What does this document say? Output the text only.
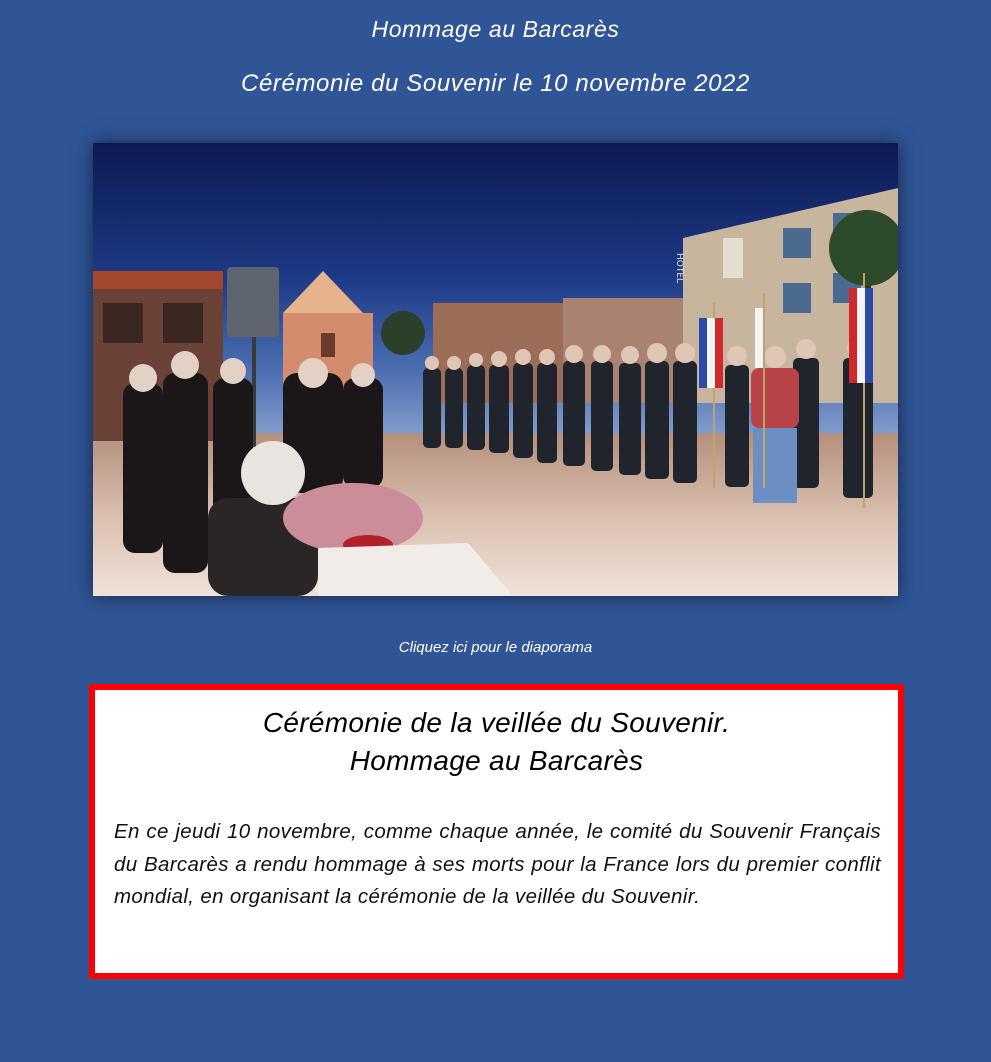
Hommage au Barcarès
Cérémonie du Souvenir le 10 novembre 2022
HOTEL
Cliquez ici pour le diaporama
Cérémonie de la veillée du Souvenir.
Hommage au Barcarès
En ce jeudi 10 novembre, comme chaque année, le comité du Souvenir Français du Barcarès a rendu hommage à ses morts pour la France lors du premier conflit mondial, en organisant la cérémonie de la veillée du Souvenir.
